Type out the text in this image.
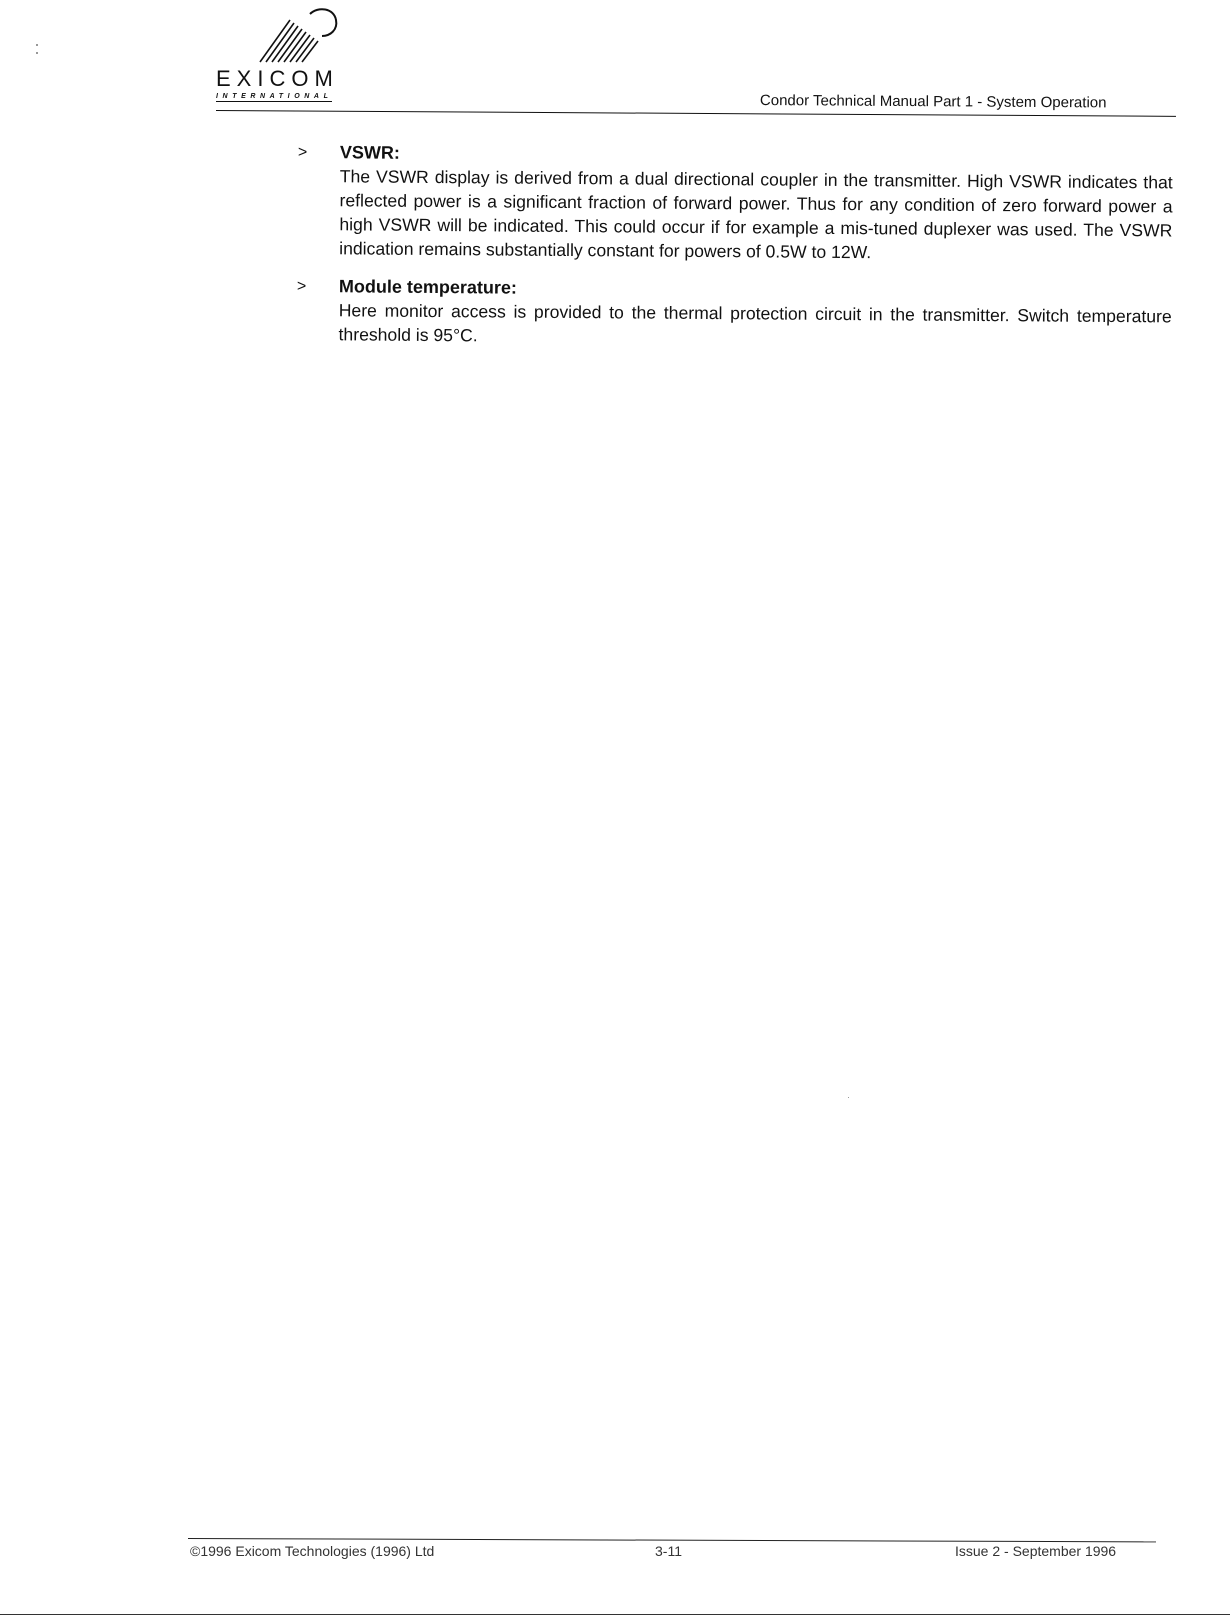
EXICOM
INTERNATIONAL	Condor Technical Manual Part 1 - System Operation
> VSWR:
The VSWR display is derived from a dual directional coupler in the transmitter. High VSWR indicates that reflected power is a significant fraction of forward power. Thus for any condition of zero forward power a high VSWR will be indicated. This could occur if for example a mis-tuned duplexer was used. The VSWR indication remains substantially constant for powers of 0.5W to 12W.
> Module temperature:
Here monitor access is provided to the thermal protection circuit in the transmitter. Switch temperature threshold is 95°C.
©1996 Exicom Technologies (1996) Ltd	3-11	Issue 2 - September 1996
